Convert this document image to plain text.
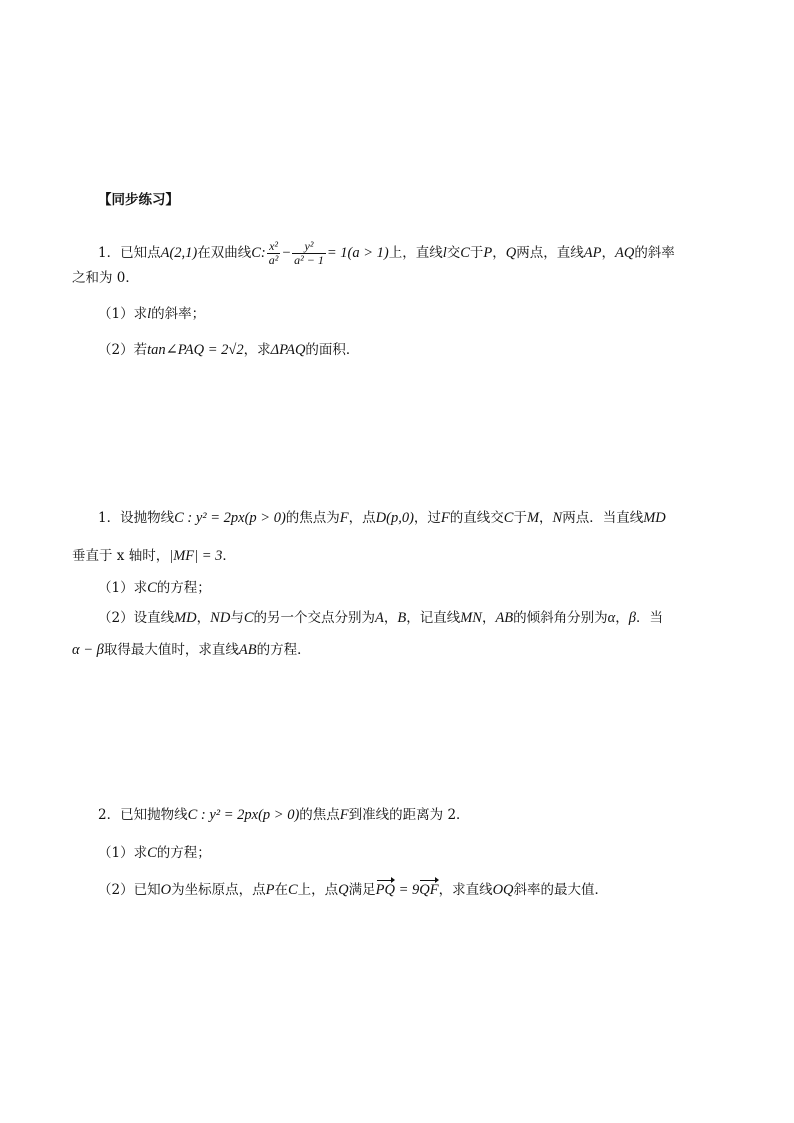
【同步练习】
1．已知点A(2,1)在双曲线C: $\frac{\text{x²}}{\text{a²}} - \frac{\text{y²}}{\text{a² − 1}} = 1(a > 1)$上，直线l交C于P，Q两点，直线AP，AQ的斜率
之和为 0．
（1）求l的斜率；
（2）若tan∠PAQ = 2√2，求ΔPAQ的面积．
1．设抛物线C : y² = 2px(p > 0)的焦点为F，点D(p,0)，过F的直线交C于M，N两点．当直线MD
垂直于 x 轴时，|MF| = 3．
（1）求C的方程；
（2）设直线MD，ND与C的另一个交点分别为A，B，记直线MN，AB的倾斜角分别为α，β．当
α − β取得最大值时，求直线AB的方程．
2．已知抛物线C : y² = 2px(p > 0)的焦点F到准线的距离为 2．
（1）求C的方程；
（2）已知O为坐标原点，点P在C上，点Q满足PQ = 9QF，求直线OQ斜率的最大值．
